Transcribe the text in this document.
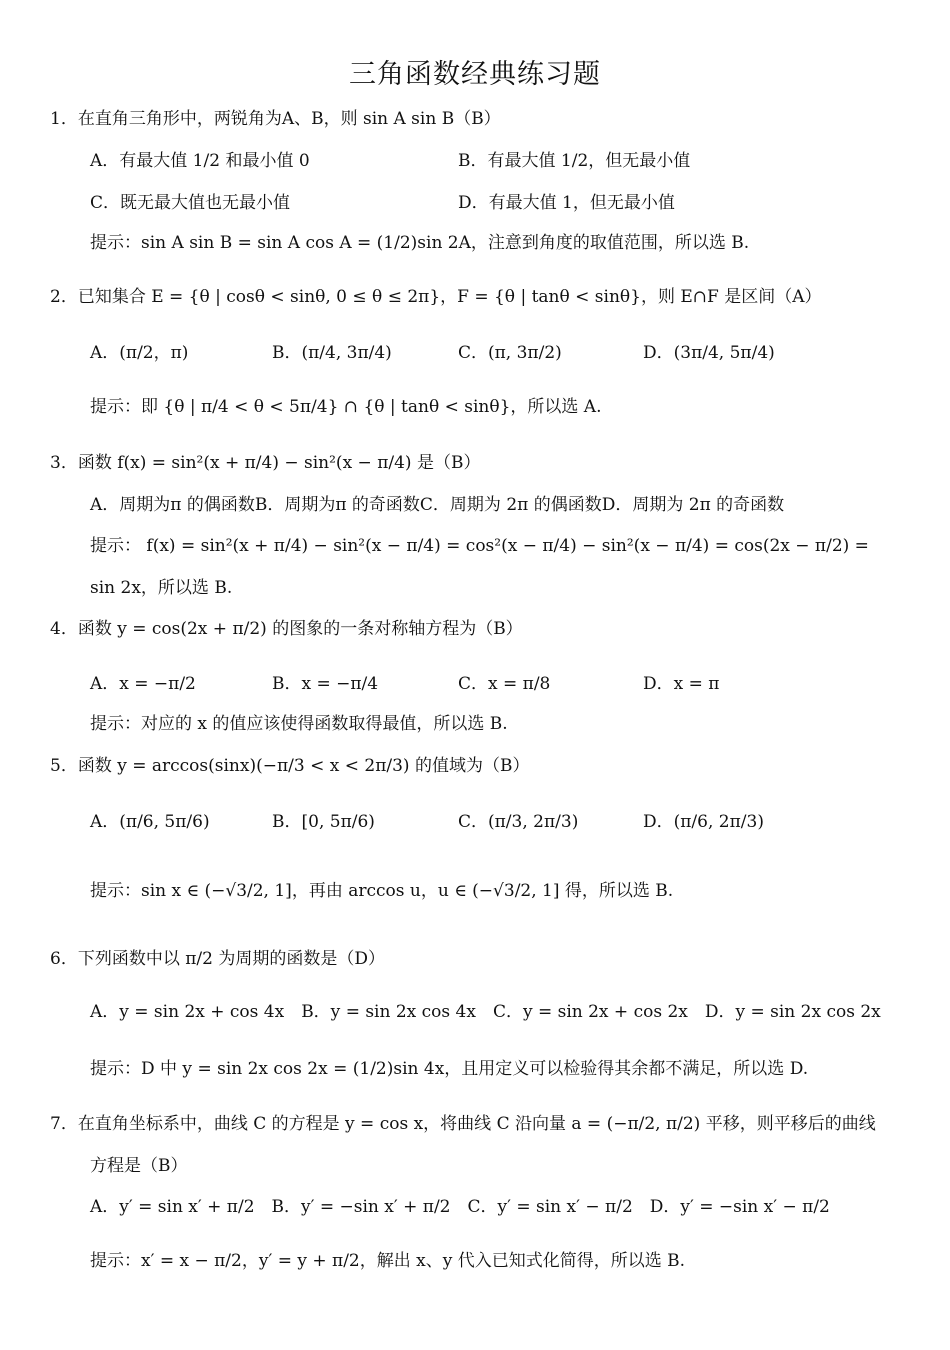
三角函数经典练习题
1．在直角三角形中，两锐角为A、B，则 sin A sin B（B）
A．有最大值 1/2 和最小值 0	B．有最大值 1/2，但无最小值
C．既无最大值也无最小值	D．有最大值 1，但无最小值
提示：sin A sin B = sin A cos A = (1/2)sin 2A，注意到角度的取值范围，所以选 B.
2．已知集合 E = {θ | cosθ < sinθ, 0 ≤ θ ≤ 2π}，F = {θ | tanθ < sinθ}，则 E∩F 是区间（A）
A．(π/2，π)	B．(π/4, 3π/4)	C．(π, 3π/2)	D．(3π/4, 5π/4)
提示：即 {θ | π/4 < θ < 5π/4} ∩ {θ | tanθ < sinθ}，所以选 A.
3．函数 f(x) = sin²(x + π/4) − sin²(x − π/4) 是（B）
A．周期为π 的偶函数B．周期为π 的奇函数C．周期为 2π 的偶函数D．周期为 2π 的奇函数
提示： f(x) = sin²(x + π/4) − sin²(x − π/4) = cos²(x − π/4) − sin²(x − π/4) = cos(2x − π/2) =
sin 2x，所以选 B.
4．函数 y = cos(2x + π/2) 的图象的一条对称轴方程为（B）
A．x = −π/2	B．x = −π/4	C．x = π/8	D．x = π
提示：对应的 x 的值应该使得函数取得最值，所以选 B.
5．函数 y = arccos(sinx)(−π/3 < x < 2π/3) 的值域为（B）
A．(π/6, 5π/6)	B．[0, 5π/6)	C．(π/3, 2π/3)	D．(π/6, 2π/3)
提示：sin x ∈ (−√3/2, 1]，再由 arccos u，u ∈ (−√3/2, 1] 得，所以选 B.
6．下列函数中以 π/2 为周期的函数是（D）
A．y = sin 2x + cos 4x　B．y = sin 2x cos 4x　C．y = sin 2x + cos 2x　D．y = sin 2x cos 2x
提示：D 中 y = sin 2x cos 2x = (1/2)sin 4x，且用定义可以检验得其余都不满足，所以选 D.
7．在直角坐标系中，曲线 C 的方程是 y = cos x，将曲线 C 沿向量 a = (−π/2, π/2) 平移，则平移后的曲线
方程是（B）
A．y′ = sin x′ + π/2　B．y′ = −sin x′ + π/2　C．y′ = sin x′ − π/2　D．y′ = −sin x′ − π/2
提示：x′ = x − π/2，y′ = y + π/2，解出 x、y 代入已知式化简得，所以选 B.
